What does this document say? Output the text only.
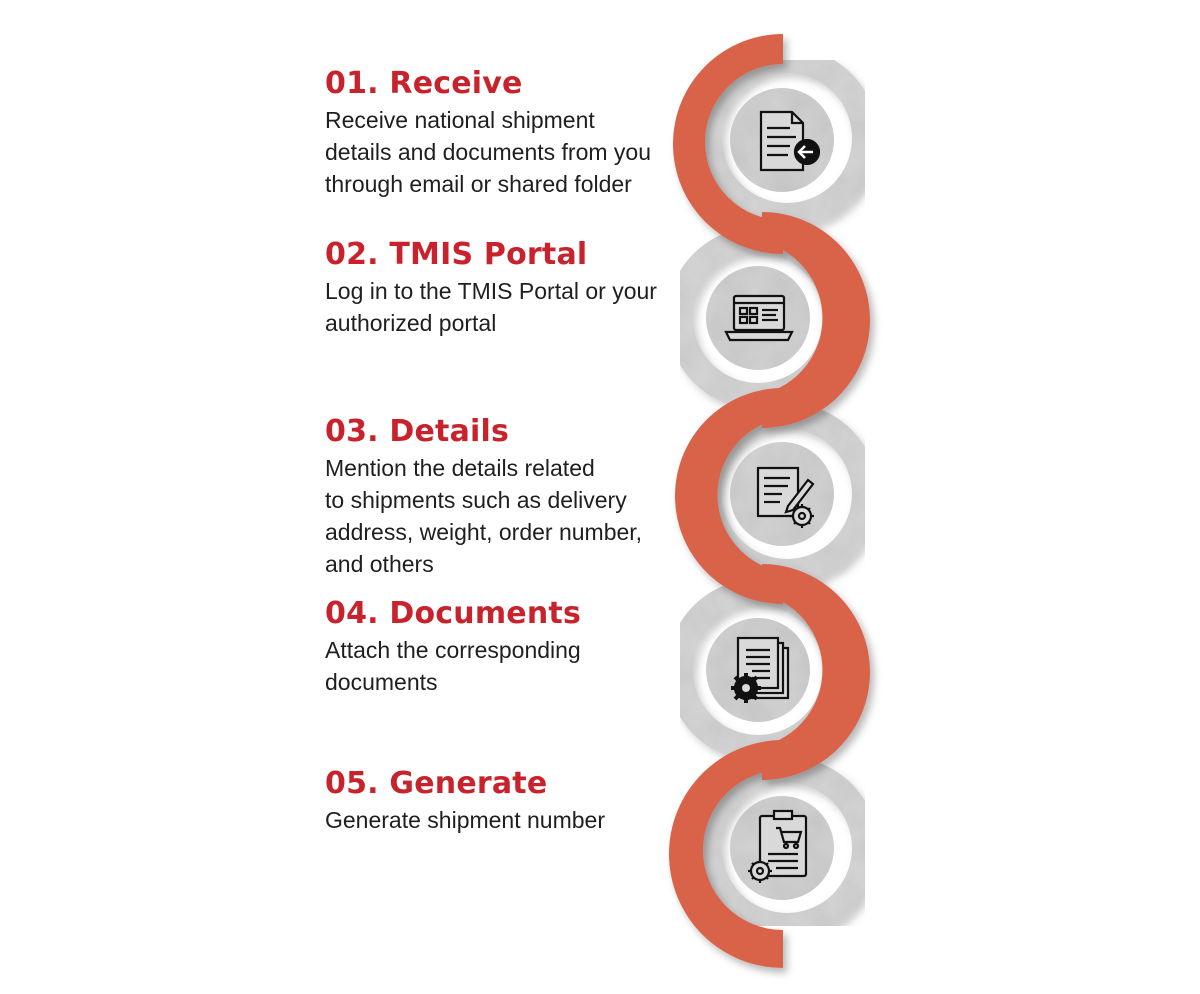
01. Receive

Receive national shipment
details and documents from you
through email or shared folder

02. TMIS Portal

Log in to the TMIS Portal or your
authorized portal

03. Details

Mention the details related
to shipments such as delivery
address, weight, order number,
and others

04. Documents

Attach the corresponding
documents

05. Generate

Generate shipment number
